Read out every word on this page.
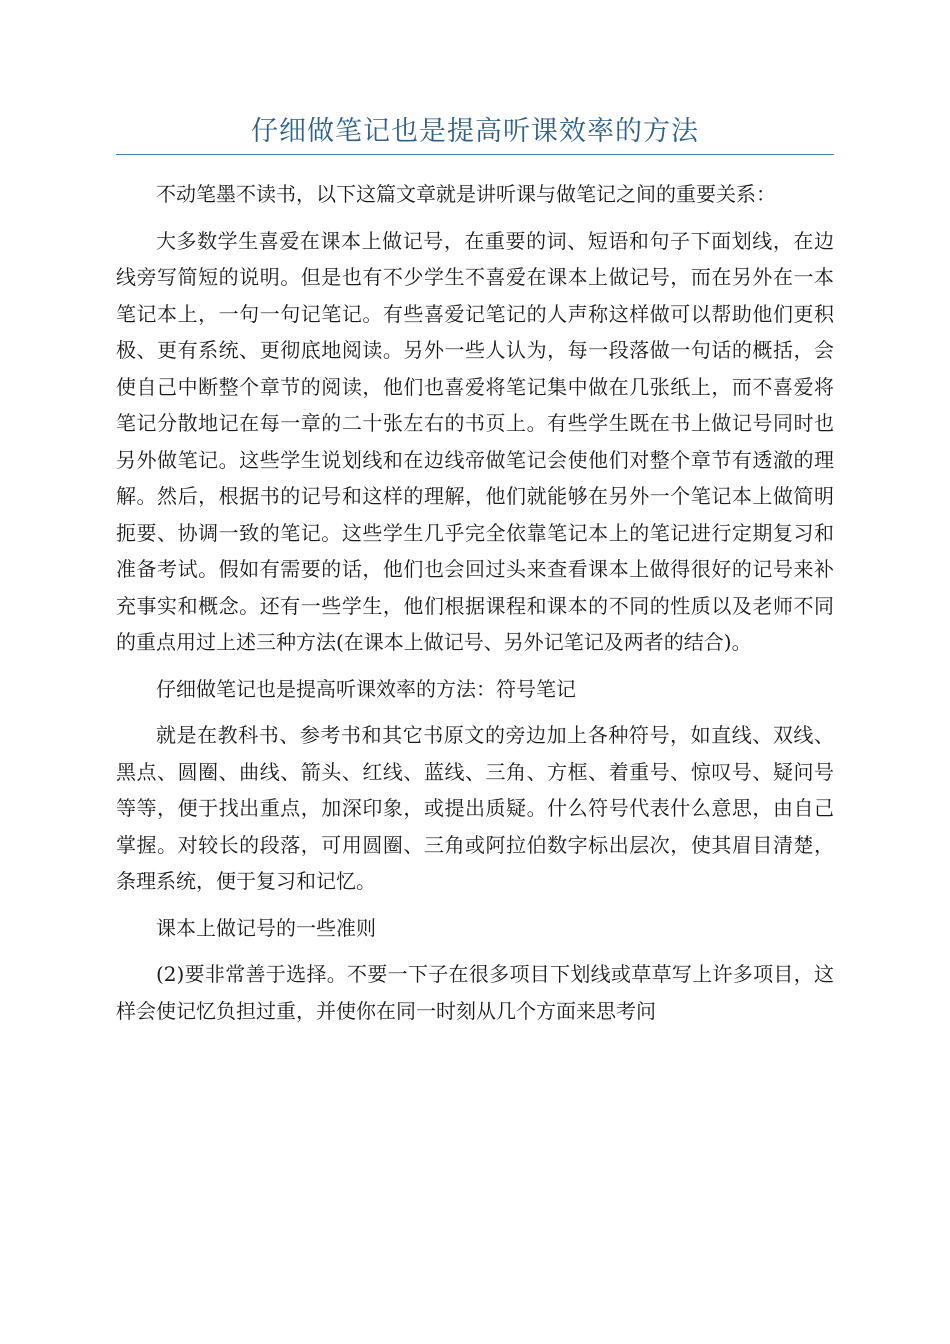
仔细做笔记也是提高听课效率的方法

不动笔墨不读书，以下这篇文章就是讲听课与做笔记之间的重要关系：

大多数学生喜爱在课本上做记号，在重要的词、短语和句子下面划线，在边线旁写简短的说明。但是也有不少学生不喜爱在课本上做记号，而在另外在一本笔记本上，一句一句记笔记。有些喜爱记笔记的人声称这样做可以帮助他们更积极、更有系统、更彻底地阅读。另外一些人认为，每一段落做一句话的概括，会使自己中断整个章节的阅读，他们也喜爱将笔记集中做在几张纸上，而不喜爱将笔记分散地记在每一章的二十张左右的书页上。有些学生既在书上做记号同时也另外做笔记。这些学生说划线和在边线帝做笔记会使他们对整个章节有透澈的理解。然后，根据书的记号和这样的理解，他们就能够在另外一个笔记本上做简明扼要、协调一致的笔记。这些学生几乎完全依靠笔记本上的笔记进行定期复习和准备考试。假如有需要的话，他们也会回过头来查看课本上做得很好的记号来补充事实和概念。还有一些学生，他们根据课程和课本的不同的性质以及老师不同的重点用过上述三种方法(在课本上做记号、另外记笔记及两者的结合)。

仔细做笔记也是提高听课效率的方法：符号笔记

就是在教科书、参考书和其它书原文的旁边加上各种符号，如直线、双线、黑点、圆圈、曲线、箭头、红线、蓝线、三角、方框、着重号、惊叹号、疑问号等等，便于找出重点，加深印象，或提出质疑。什么符号代表什么意思，由自己掌握。对较长的段落，可用圆圈、三角或阿拉伯数字标出层次，使其眉目清楚，条理系统，便于复习和记忆。

课本上做记号的一些准则

(2)要非常善于选择。不要一下子在很多项目下划线或草草写上许多项目，这样会使记忆负担过重，并使你在同一时刻从几个方面来思考问
